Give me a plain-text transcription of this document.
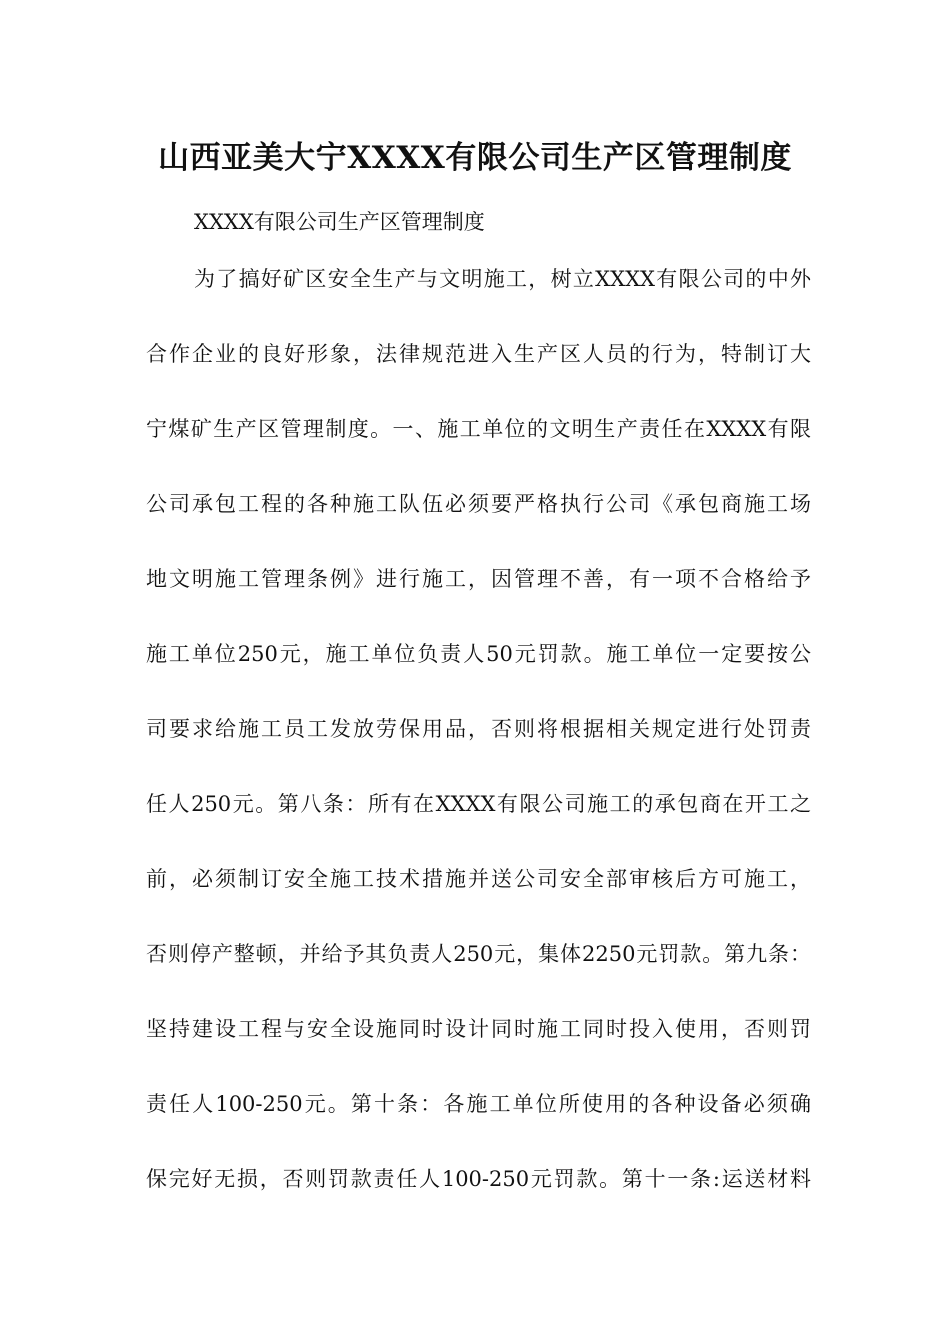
山西亚美大宁XXXX有限公司生产区管理制度
XXXX有限公司生产区管理制度
为了搞好矿区安全生产与文明施工，树立XXXX有限公司的中外
合作企业的良好形象，法律规范进入生产区人员的行为，特制订大
宁煤矿生产区管理制度。一、施工单位的文明生产责任在XXXX有限
公司承包工程的各种施工队伍必须要严格执行公司《承包商施工场
地文明施工管理条例》进行施工，因管理不善，有一项不合格给予
施工单位250元，施工单位负责人50元罚款。施工单位一定要按公
司要求给施工员工发放劳保用品，否则将根据相关规定进行处罚责
任人250元。第八条：所有在XXXX有限公司施工的承包商在开工之
前，必须制订安全施工技术措施并送公司安全部审核后方可施工，
否则停产整顿，并给予其负责人250元，集体2250元罚款。第九条：
坚持建设工程与安全设施同时设计同时施工同时投入使用，否则罚
责任人100-250元。第十条：各施工单位所使用的各种设备必须确
保完好无损，否则罚款责任人100-250元罚款。第十一条:运送材料
